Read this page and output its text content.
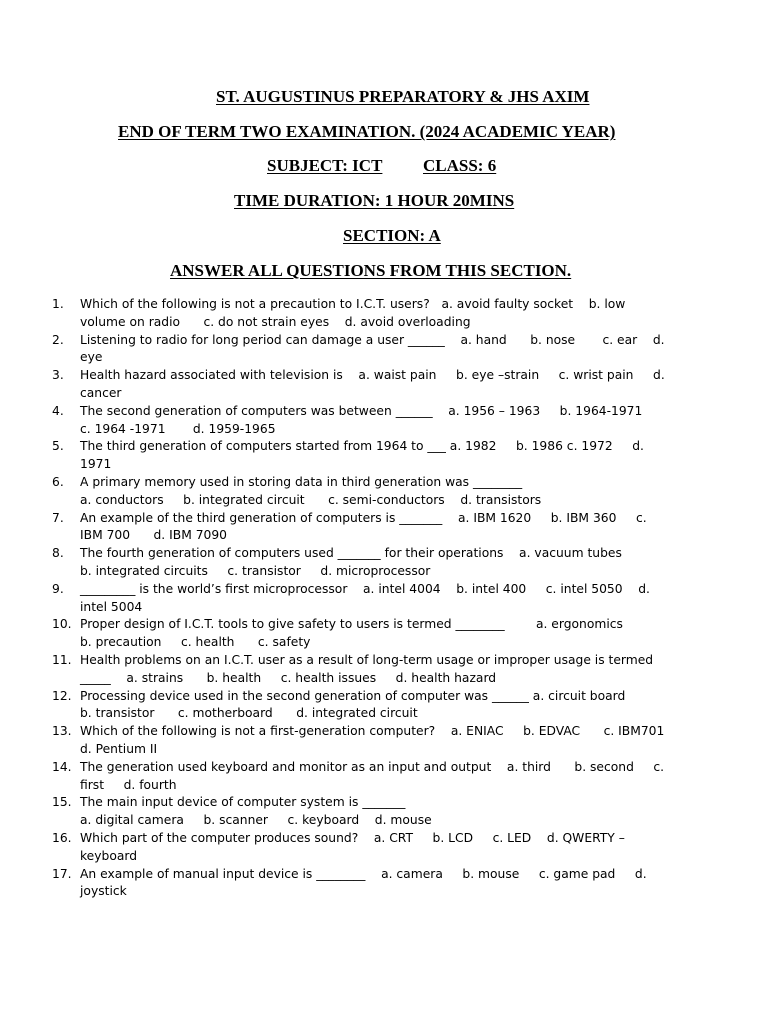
ST. AUGUSTINUS PREPARATORY & JHS AXIM
END OF TERM TWO EXAMINATION. (2024 ACADEMIC YEAR)
SUBJECT: ICT CLASS: 6
TIME DURATION: 1 HOUR 20MINS
SECTION: A
ANSWER ALL QUESTIONS FROM THIS SECTION.
1.	Which of the following is not a precaution to I.C.T. users?   a. avoid faulty socket    b. low
volume on radio      c. do not strain eyes    d. avoid overloading
2.	Listening to radio for long period can damage a user ______    a. hand      b. nose       c. ear    d.
eye
3.	Health hazard associated with television is    a. waist pain     b. eye –strain     c. wrist pain     d.
cancer
4.	The second generation of computers was between ______    a. 1956 – 1963     b. 1964-1971
c. 1964 -1971       d. 1959-1965
5.	The third generation of computers started from 1964 to ___ a. 1982     b. 1986 c. 1972     d.
1971
6.	A primary memory used in storing data in third generation was ________
a. conductors     b. integrated circuit      c. semi-conductors    d. transistors
7.	An example of the third generation of computers is _______    a. IBM 1620     b. IBM 360     c.
IBM 700      d. IBM 7090
8.	The fourth generation of computers used _______ for their operations    a. vacuum tubes
b. integrated circuits     c. transistor     d. microprocessor
9.	_________ is the world’s first microprocessor    a. intel 4004    b. intel 400     c. intel 5050    d.
intel 5004
10. Proper design of I.C.T. tools to give safety to users is termed ________        a. ergonomics
b. precaution     c. health      c. safety
11. Health problems on an I.C.T. user as a result of long-term usage or improper usage is termed
_____    a. strains      b. health     c. health issues     d. health hazard
12. Processing device used in the second generation of computer was ______ a. circuit board
b. transistor      c. motherboard      d. integrated circuit
13. Which of the following is not a first-generation computer?    a. ENIAC     b. EDVAC      c. IBM701
d. Pentium II
14. The generation used keyboard and monitor as an input and output    a. third      b. second     c.
first     d. fourth
15. The main input device of computer system is _______
a. digital camera     b. scanner     c. keyboard    d. mouse
16. Which part of the computer produces sound?    a. CRT     b. LCD     c. LED    d. QWERTY –
keyboard
17. An example of manual input device is ________    a. camera     b. mouse     c. game pad     d.
joystick
